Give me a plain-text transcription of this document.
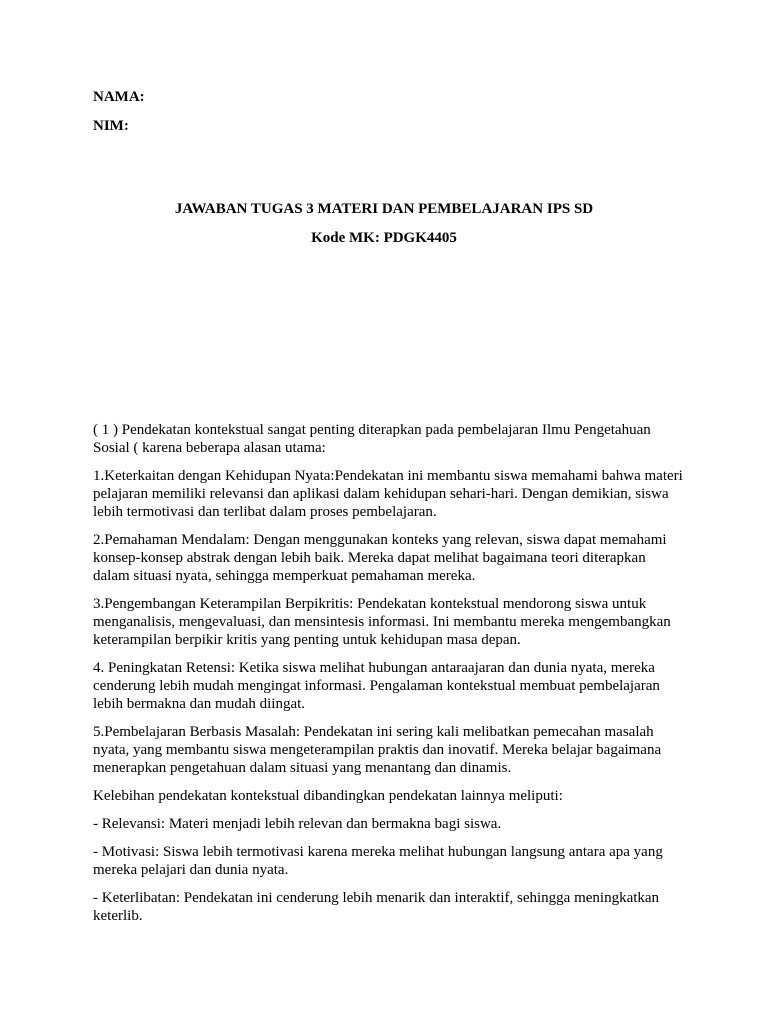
NAMA:

NIM:

JAWABAN TUGAS 3 MATERI DAN PEMBELAJARAN IPS SD

Kode MK: PDGK4405

( 1 ) Pendekatan kontekstual sangat penting diterapkan pada pembelajaran Ilmu Pengetahuan Sosial ( karena beberapa alasan utama:

1.Keterkaitan dengan Kehidupan Nyata:Pendekatan ini membantu siswa memahami bahwa materi pelajaran memiliki relevansi dan aplikasi dalam kehidupan sehari-hari. Dengan demikian, siswa lebih termotivasi dan terlibat dalam proses pembelajaran.

2.Pemahaman Mendalam: Dengan menggunakan konteks yang relevan, siswa dapat memahami konsep-konsep abstrak dengan lebih baik. Mereka dapat melihat bagaimana teori diterapkan dalam situasi nyata, sehingga memperkuat pemahaman mereka.

3.Pengembangan Keterampilan Berpikritis: Pendekatan kontekstual mendorong siswa untuk menganalisis, mengevaluasi, dan mensintesis informasi. Ini membantu mereka mengembangkan keterampilan berpikir kritis yang penting untuk kehidupan masa depan.

4. Peningkatan Retensi: Ketika siswa melihat hubungan antaraajaran dan dunia nyata, mereka cenderung lebih mudah mengingat informasi. Pengalaman kontekstual membuat pembelajaran lebih bermakna dan mudah diingat.

5.Pembelajaran Berbasis Masalah: Pendekatan ini sering kali melibatkan pemecahan masalah nyata, yang membantu siswa mengeterampilan praktis dan inovatif. Mereka belajar bagaimana menerapkan pengetahuan dalam situasi yang menantang dan dinamis.

Kelebihan pendekatan kontekstual dibandingkan pendekatan lainnya meliputi:

- Relevansi: Materi menjadi lebih relevan dan bermakna bagi siswa.

- Motivasi: Siswa lebih termotivasi karena mereka melihat hubungan langsung antara apa yang mereka pelajari dan dunia nyata.

- Keterlibatan: Pendekatan ini cenderung lebih menarik dan interaktif, sehingga meningkatkan keterlib.
